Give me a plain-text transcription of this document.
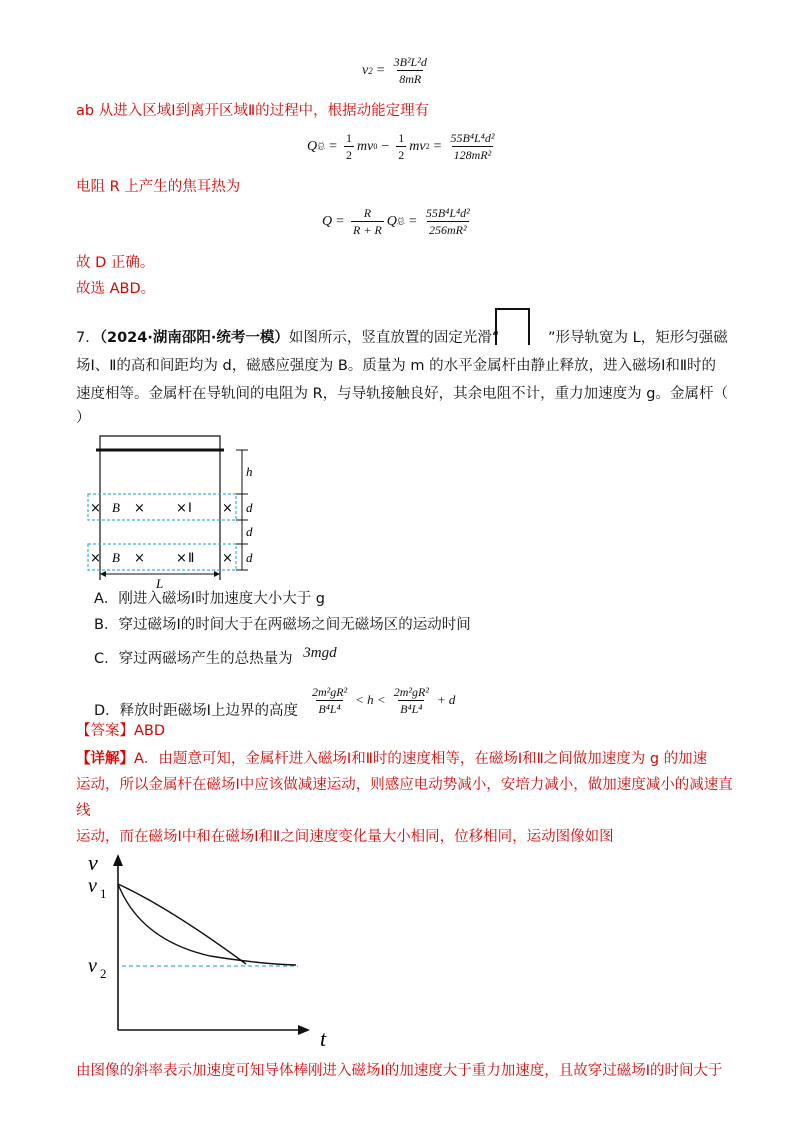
v $2 = \frac{\text{3B²L²d}}{8mR}$
ab 从进入区域Ⅰ到离开区域Ⅱ的过程中，根据动能定理有
Q 总 = $\frac{1}{2}$ mv $0 - \frac{1}{2}$ mv $2 = \frac{\text{55B⁴L⁴d²}}{\text{128mR²}}$
电阻 R 上产生的焦耳热为
$Q = \frac{R}{R + R}$ Q 总 = $\frac{\text{55B⁴L⁴d²}}{\text{256mR²}}$
故 D 正确。
故选 ABD。
7．（2024·湖南邵阳·统考一模）如图所示，竖直放置的固定光滑“	”形导轨宽为 L，矩形匀强磁
场Ⅰ、Ⅱ的高和间距均为 d，磁感应强度为 B。质量为 m 的水平金属杆由静止释放，进入磁场Ⅰ和Ⅱ时的
速度相等。金属杆在导轨间的电阻为 R，与导轨接触良好，其余电阻不计，重力加速度为 g。金属杆（
）
h
d
d
d
× B × × Ⅰ ×
× B × × Ⅱ ×
L
A．刚进入磁场Ⅰ时加速度大小大于 g
B．穿过磁场Ⅰ的时间大于在两磁场之间无磁场区的运动时间
C．穿过两磁场产生的总热量为 3mgd
D．释放时距磁场Ⅰ上边界的高度 $\frac{\text{2m²gR²}}{\text{B⁴L⁴}} < h < \frac{\text{2m²gR²}}{\text{B⁴L⁴}} + d$
【答案】ABD
【详解】A．由题意可知，金属杆进入磁场Ⅰ和Ⅱ时的速度相等，在磁场Ⅰ和Ⅱ之间做加速度为 g 的加速
运动，所以金属杆在磁场Ⅰ中应该做减速运动，则感应电动势减小，安培力减小，做加速度减小的减速直
线
运动，而在磁场Ⅰ中和在磁场Ⅰ和Ⅱ之间速度变化量大小相同，位移相同，运动图像如图
v
v 1
v 2
t
由图像的斜率表示加速度可知导体棒刚进入磁场Ⅰ的加速度大于重力加速度，且故穿过磁场Ⅰ的时间大于
